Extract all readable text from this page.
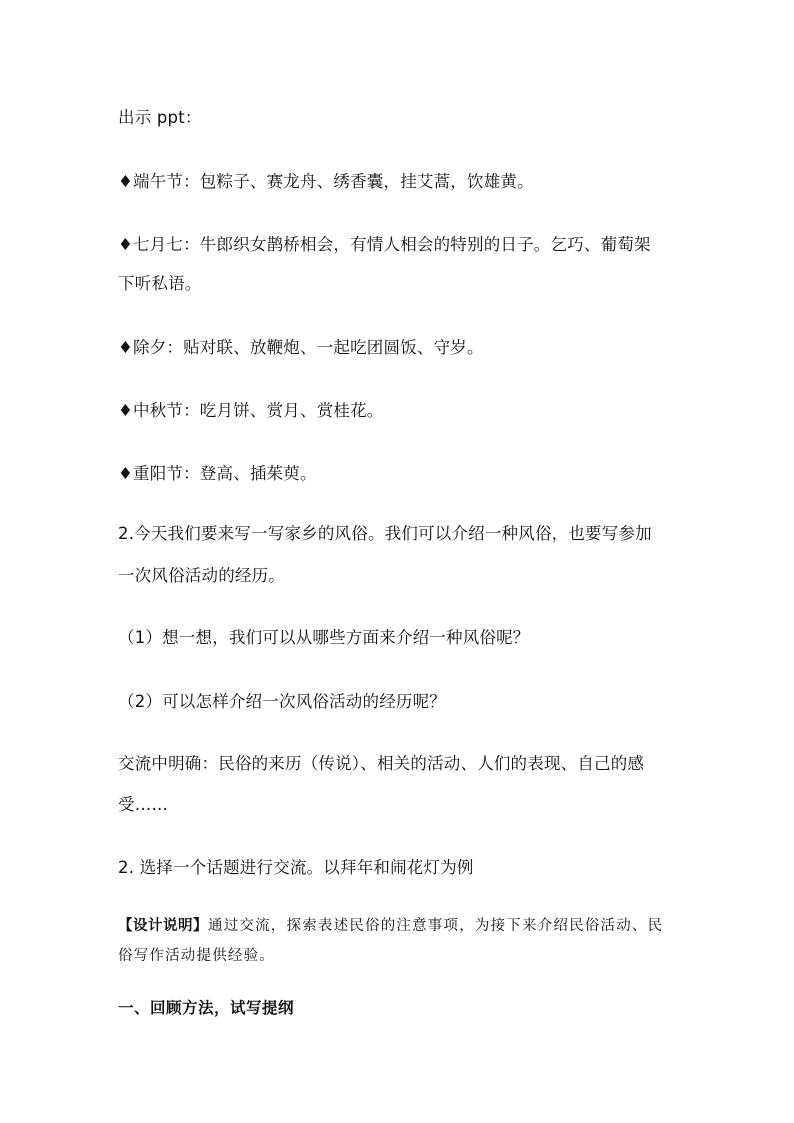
出示 ppt：
♦端午节：包粽子、赛龙舟、绣香囊，挂艾蒿，饮雄黄。
♦七月七：牛郎织女鹊桥相会，有情人相会的特别的日子。乞巧、葡萄架
下听私语。
♦除夕：贴对联、放鞭炮、一起吃团圆饭、守岁。
♦中秋节：吃月饼、赏月、赏桂花。
♦重阳节：登高、插茱萸。
2.今天我们要来写一写家乡的风俗。我们可以介绍一种风俗，也要写参加
一次风俗活动的经历。
（1）想一想，我们可以从哪些方面来介绍一种风俗呢？
（2）可以怎样介绍一次风俗活动的经历呢？
交流中明确：民俗的来历（传说）、相关的活动、人们的表现、自己的感
受……
2. 选择一个话题进行交流。以拜年和闹花灯为例
【设计说明】通过交流，探索表述民俗的注意事项，为接下来介绍民俗活动、民
俗写作活动提供经验。
一、回顾方法，试写提纲
